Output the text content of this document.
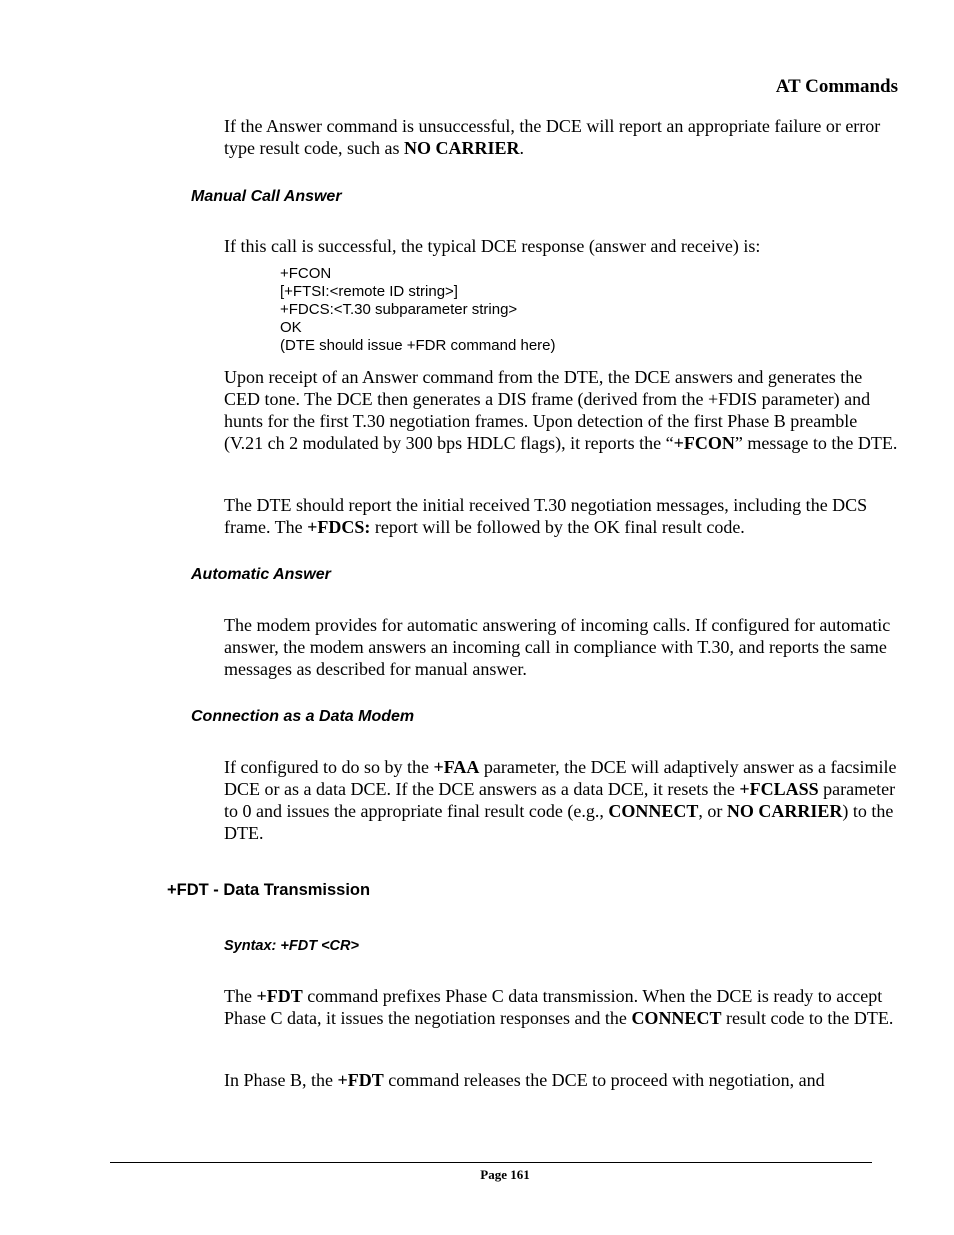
AT Commands
If the Answer command is unsuccessful, the DCE will report an appropriate failure or error type result code, such as NO CARRIER.
Manual Call Answer
If this call is successful, the typical DCE response (answer and receive) is:
+FCON
[+FTSI:<remote ID string>]
+FDCS:<T.30 subparameter string>
OK
(DTE should issue +FDR command here)
Upon receipt of an Answer command from the DTE, the DCE answers and generates the CED tone. The DCE then generates a DIS frame (derived from the +FDIS parameter) and hunts for the first T.30 negotiation frames. Upon detection of the first Phase B preamble (V.21 ch 2 modulated by 300 bps HDLC flags), it reports the “+FCON” message to the DTE.
The DTE should report the initial received T.30 negotiation messages, including the DCS frame. The +FDCS: report will be followed by the OK final result code.
Automatic Answer
The modem provides for automatic answering of incoming calls. If configured for automatic answer, the modem answers an incoming call in compliance with T.30, and reports the same messages as described for manual answer.
Connection as a Data Modem
If configured to do so by the +FAA parameter, the DCE will adaptively answer as a facsimile DCE or as a data DCE. If the DCE answers as a data DCE, it resets the +FCLASS parameter to 0 and issues the appropriate final result code (e.g., CONNECT, or NO CARRIER) to the DTE.
+FDT - Data Transmission
Syntax: +FDT <CR>
The +FDT command prefixes Phase C data transmission. When the DCE is ready to accept Phase C data, it issues the negotiation responses and the CONNECT result code to the DTE.
In Phase B, the +FDT command releases the DCE to proceed with negotiation, and
Page 161
